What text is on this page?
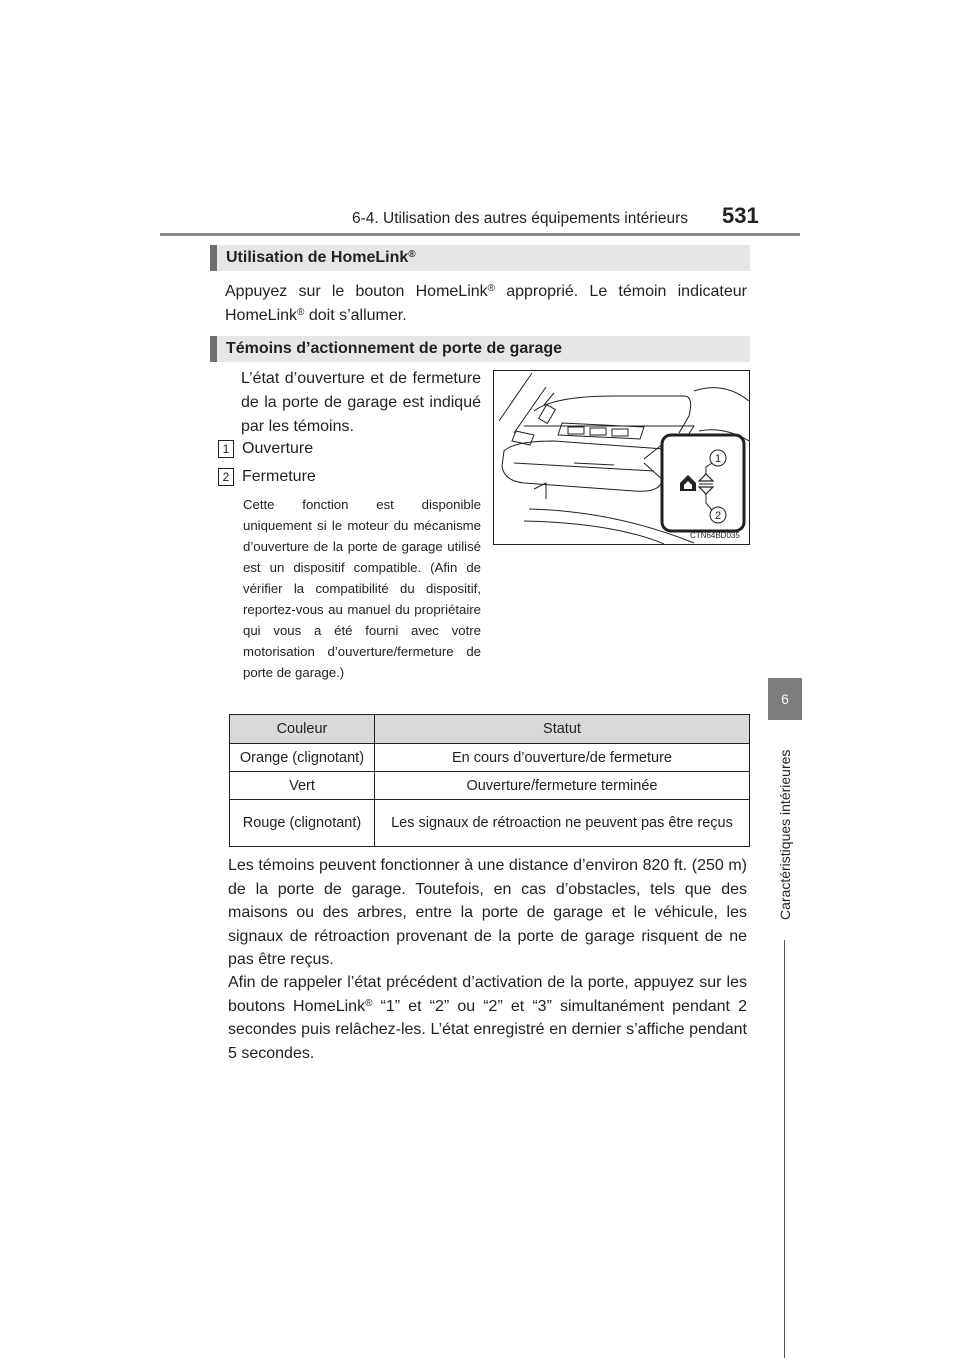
6-4. Utilisation des autres équipements intérieurs 531
6
Caractéristiques intérieures
Utilisation de HomeLink®
Appuyez sur le bouton HomeLink® approprié. Le témoin indicateur HomeLink® doit s’allumer.
Témoins d’actionnement de porte de garage
L’état d’ouverture et de fermeture de la porte de garage est indiqué par les témoins.
1 Ouverture
2 Fermeture
Cette fonction est disponible uniquement si le moteur du mécanisme d’ouverture de la porte de garage utilisé est un dispositif compatible. (Afin de vérifier la compatibilité du dispositif, reportez-vous au manuel du propriétaire qui vous a été fourni avec votre motorisation d’ouverture/fermeture de porte de garage.)
1
2
CTN64BD035
Couleur	Statut
Orange (clignotant)	En cours d’ouverture/de fermeture
Vert	Ouverture/fermeture terminée
Rouge (clignotant)	Les signaux de rétroaction ne peuvent pas être reçus
Les témoins peuvent fonctionner à une distance d’environ 820 ft. (250 m) de la porte de garage. Toutefois, en cas d’obstacles, tels que des maisons ou des arbres, entre la porte de garage et le véhicule, les signaux de rétroaction provenant de la porte de garage risquent de ne pas être reçus.
Afin de rappeler l’état précédent d’activation de la porte, appuyez sur les boutons HomeLink® “1” et “2” ou “2” et “3” simultanément pendant 2 secondes puis relâchez-les. L’état enregistré en dernier s’affiche pendant 5 secondes.
